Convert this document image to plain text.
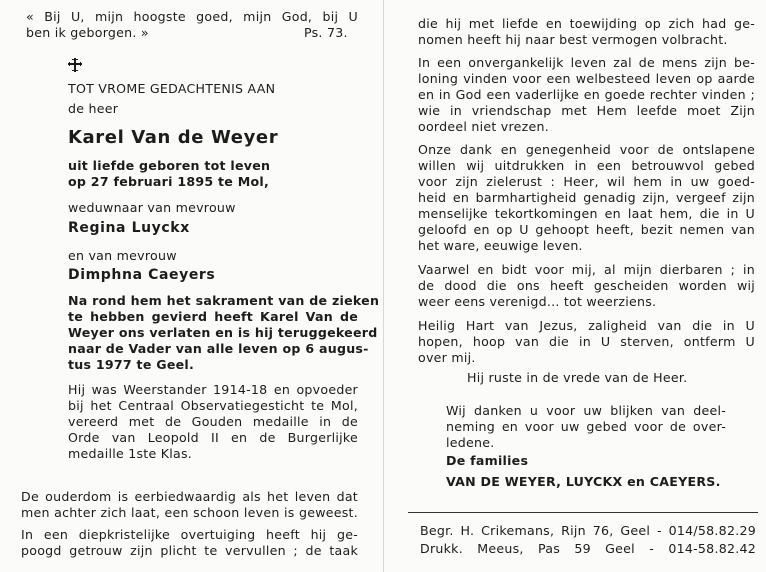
« Bij U, mijn hoogste goed, mijn God, bij U
ben ik geborgen. »	Ps. 73.
TOT VROME GEDACHTENIS AAN
de heer
Karel Van de Weyer
uit liefde geboren tot leven
op 27 februari 1895 te Mol,
weduwnaar van mevrouw
Regina Luyckx
en van mevrouw
Dimphna Caeyers
Na rond hem het sakrament van de zieken
te hebben gevierd heeft Karel Van de
Weyer ons verlaten en is hij teruggekeerd
naar de Vader van alle leven op 6 augus-
tus 1977 te Geel.
Hij was Weerstander 1914-18 en opvoeder
bij het Centraal Observatiegesticht te Mol,
vereerd met de Gouden medaille in de
Orde van Leopold II en de Burgerlijke
medaille 1ste Klas.
De ouderdom is eerbiedwaardig als het leven dat
men achter zich laat, een schoon leven is geweest.
In een diepkristelijke overtuiging heeft hij ge-
poogd getrouw zijn plicht te vervullen ; de taak
die hij met liefde en toewijding op zich had ge-
nomen heeft hij naar best vermogen volbracht.
In een onvergankelijk leven zal de mens zijn be-
loning vinden voor een welbesteed leven op aarde
en in God een vaderlijke en goede rechter vinden ;
wie in vriendschap met Hem leefde moet Zijn
oordeel niet vrezen.
Onze dank en genegenheid voor de ontslapene
willen wij uitdrukken in een betrouwvol gebed
voor zijn zielerust : Heer, wil hem in uw goed-
heid en barmhartigheid genadig zijn, vergeef zijn
menselijke tekortkomingen en laat hem, die in U
geloofd en op U gehoopt heeft, bezit nemen van
het ware, eeuwige leven.
Vaarwel en bidt voor mij, al mijn dierbaren ; in
de dood die ons heeft gescheiden worden wij
weer eens verenigd... tot weerziens.
Heilig Hart van Jezus, zaligheid van die in U
hopen, hoop van die in U sterven, ontferm U
over mij.
Hij ruste in de vrede van de Heer.
Wij danken u voor uw blijken van deel-
neming en voor uw gebed voor de over-
ledene.
De families
VAN DE WEYER, LUYCKX en CAEYERS.
Begr. H. Crikemans, Rijn 76, Geel - 014/58.82.29
Drukk. Meeus, Pas 59 Geel - 014-58.82.42
